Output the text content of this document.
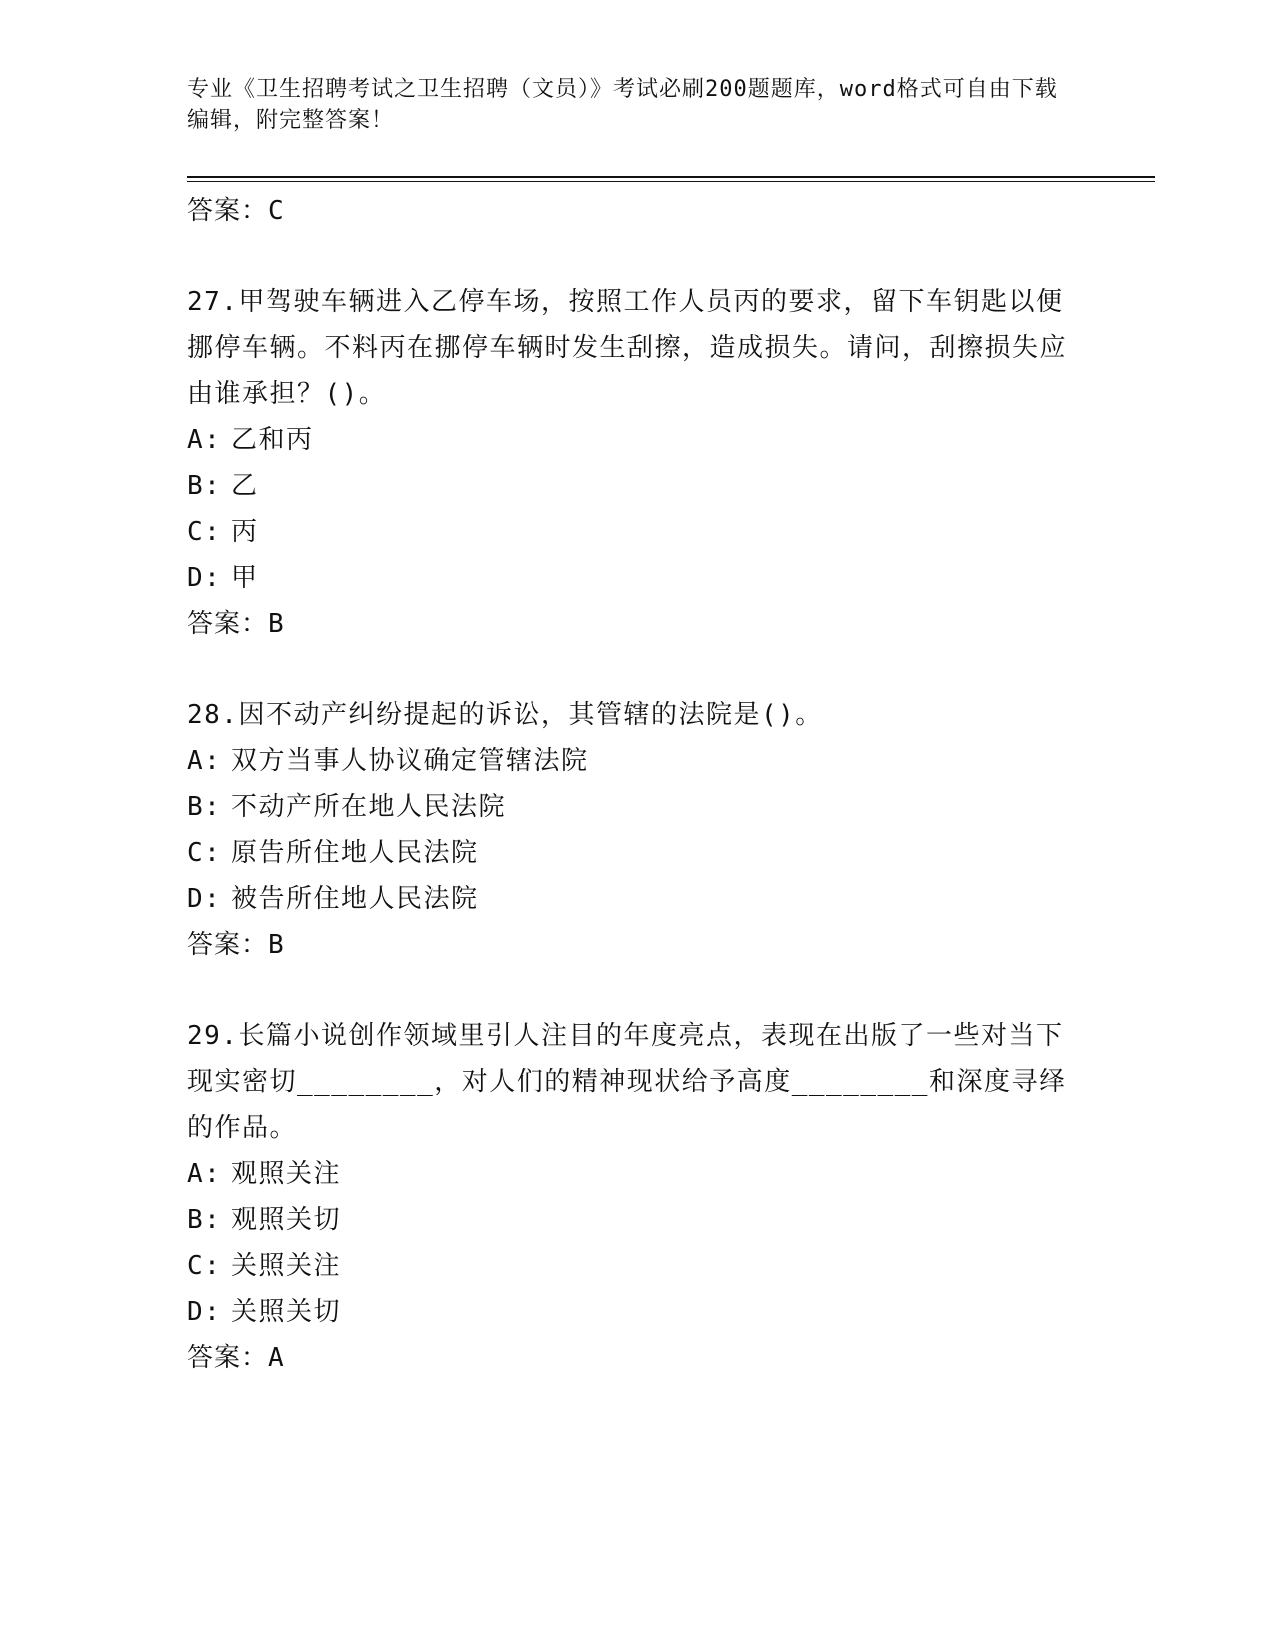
专业《卫生招聘考试之卫生招聘（文员）》考试必刷200题题库，word格式可自由下载编辑，附完整答案！
答案：C

27.甲驾驶车辆进入乙停车场，按照工作人员丙的要求，留下车钥匙以便挪停车辆。不料丙在挪停车辆时发生刮擦，造成损失。请问，刮擦损失应由谁承担？()。

A: 乙和丙
B: 乙
C: 丙
D: 甲
答案：B

28.因不动产纠纷提起的诉讼，其管辖的法院是()。

A: 双方当事人协议确定管辖法院
B: 不动产所在地人民法院
C: 原告所住地人民法院
D: 被告所住地人民法院
答案：B

29.长篇小说创作领域里引人注目的年度亮点，表现在出版了一些对当下现实密切________，对人们的精神现状给予高度________和深度寻绎的作品。

A: 观照关注
B: 观照关切
C: 关照关注
D: 关照关切
答案：A
